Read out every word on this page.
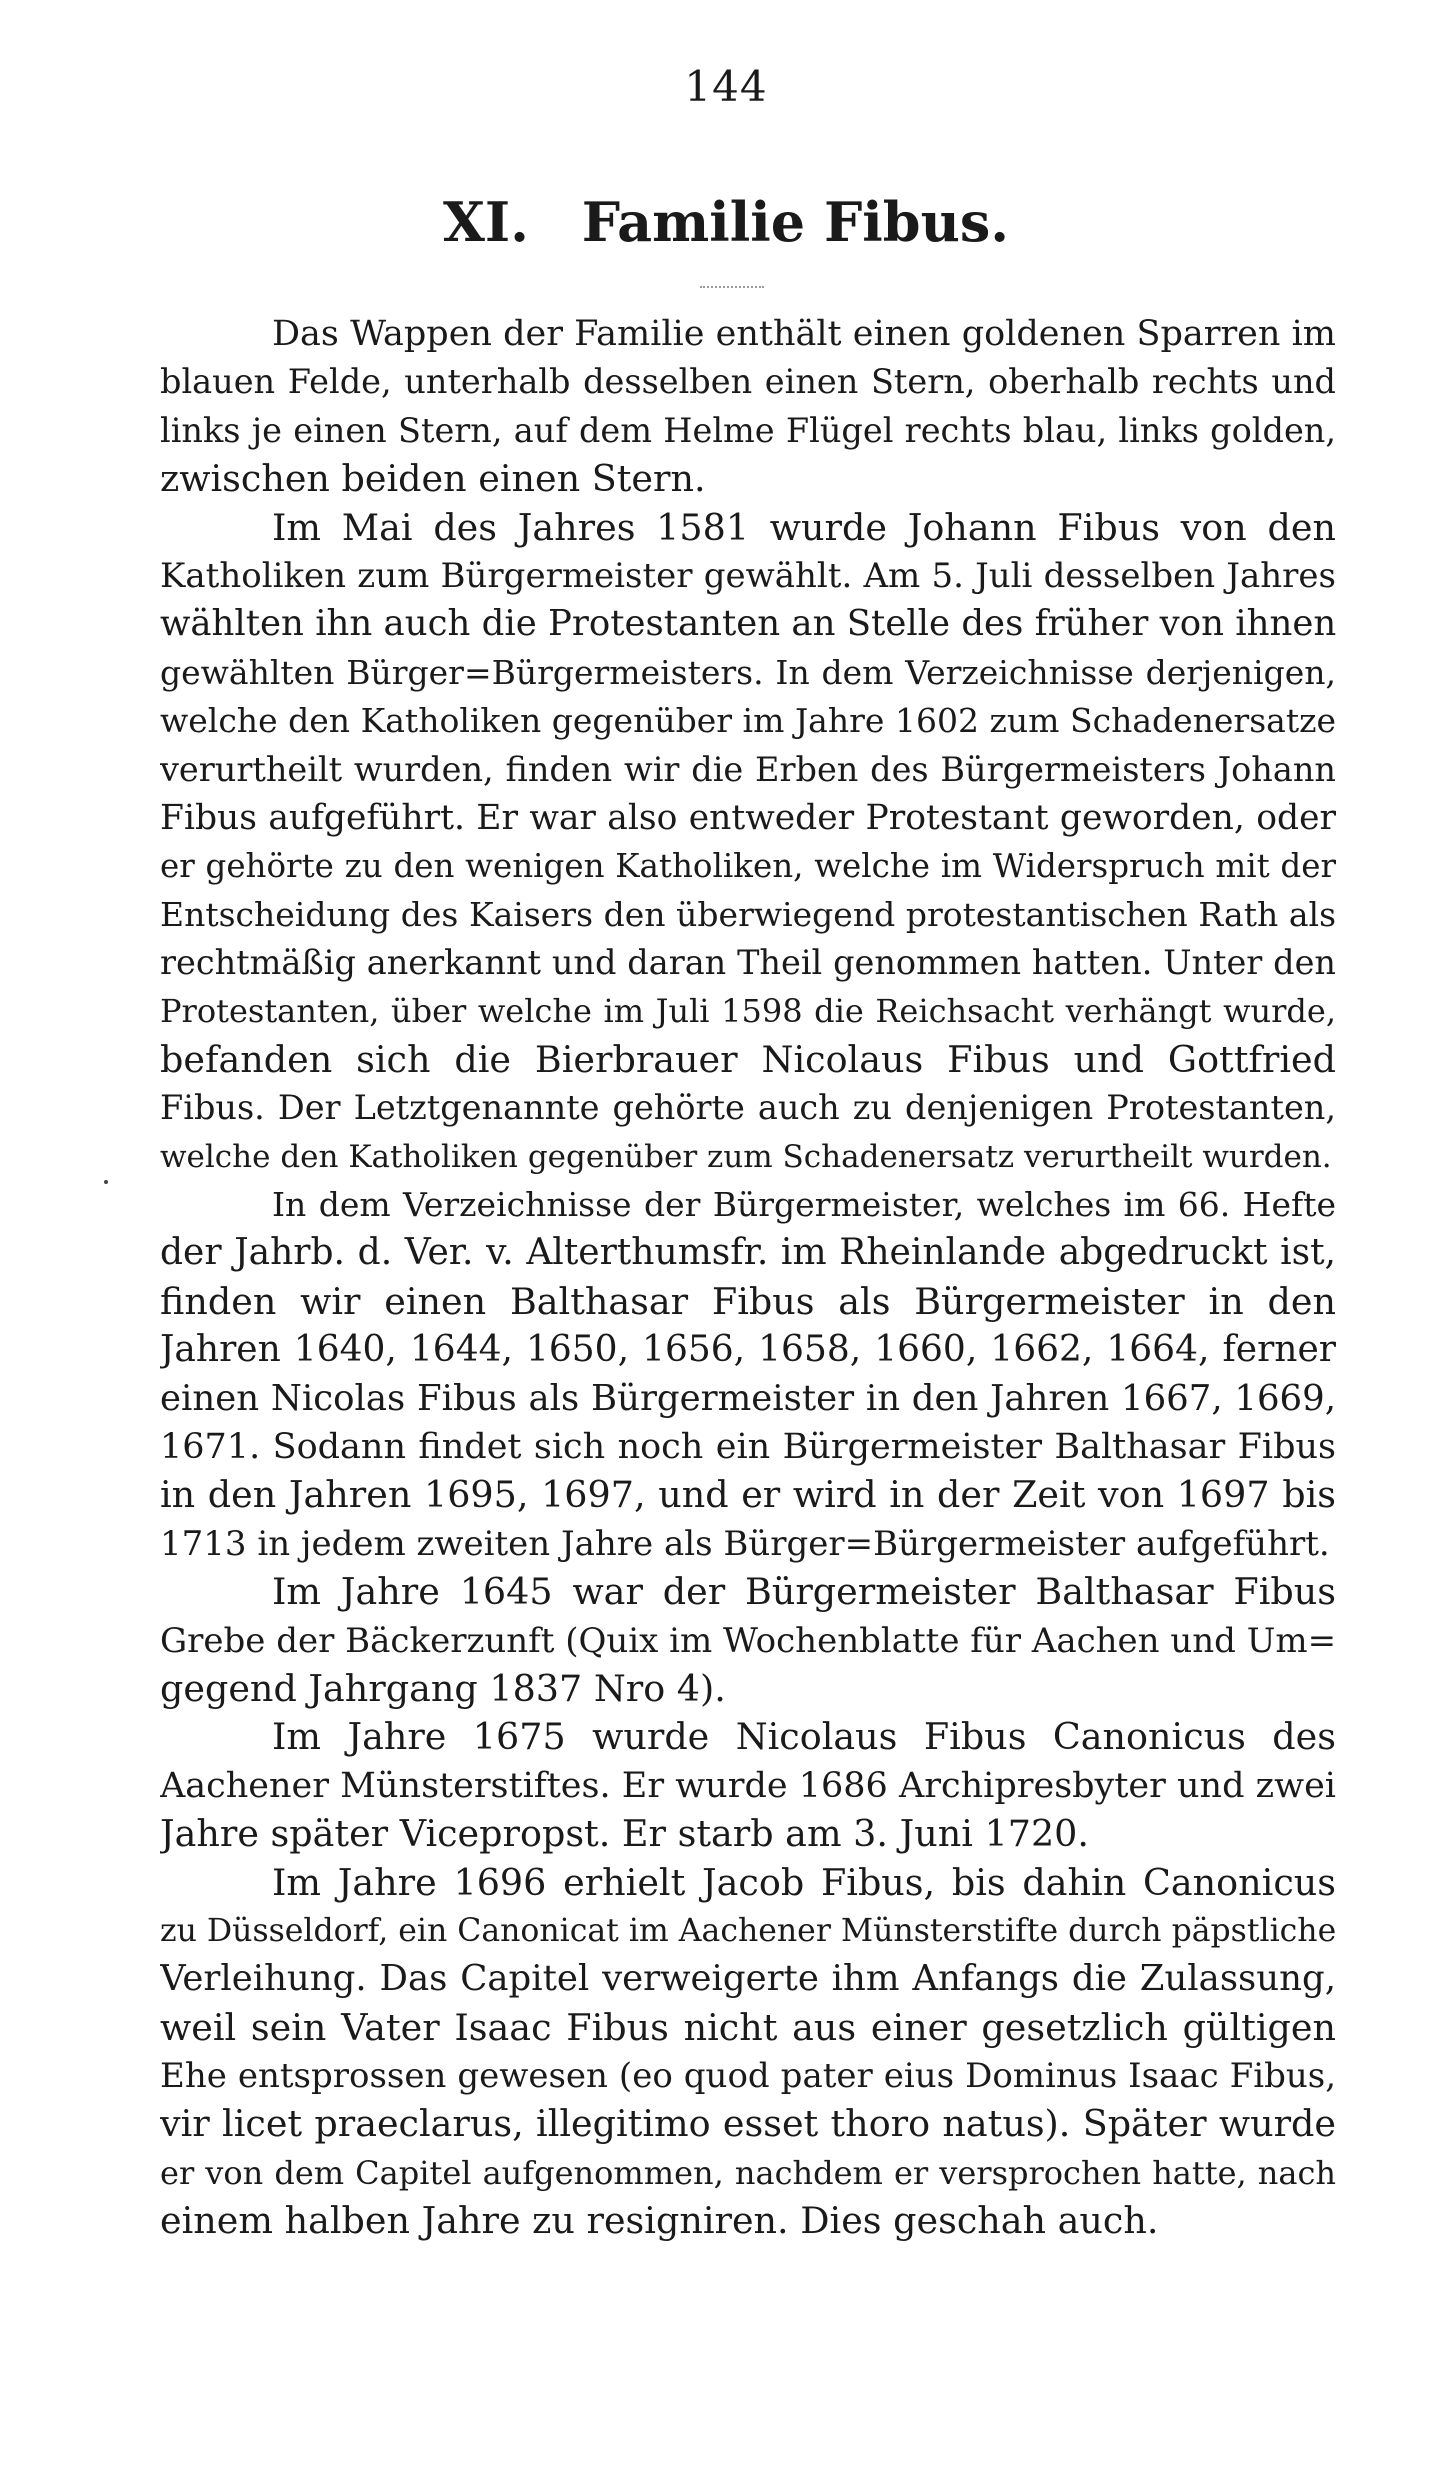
144
XI. Familie Fibus.
Das Wappen der Familie enthält einen goldenen Sparren im
blauen Felde, unterhalb desselben einen Stern, oberhalb rechts und
links je einen Stern, auf dem Helme Flügel rechts blau, links golden,
zwischen beiden einen Stern.
Im Mai des Jahres 1581 wurde Johann Fibus von den
Katholiken zum Bürgermeister gewählt. Am 5. Juli desselben Jahres
wählten ihn auch die Protestanten an Stelle des früher von ihnen
gewählten Bürger=Bürgermeisters. In dem Verzeichnisse derjenigen,
welche den Katholiken gegenüber im Jahre 1602 zum Schadenersatze
verurtheilt wurden, finden wir die Erben des Bürgermeisters Johann
Fibus aufgeführt. Er war also entweder Protestant geworden, oder
er gehörte zu den wenigen Katholiken, welche im Widerspruch mit der
Entscheidung des Kaisers den überwiegend protestantischen Rath als
rechtmäßig anerkannt und daran Theil genommen hatten. Unter den
Protestanten, über welche im Juli 1598 die Reichsacht verhängt wurde,
befanden sich die Bierbrauer Nicolaus Fibus und Gottfried
Fibus. Der Letztgenannte gehörte auch zu denjenigen Protestanten,
welche den Katholiken gegenüber zum Schadenersatz verurtheilt wurden.
In dem Verzeichnisse der Bürgermeister, welches im 66. Hefte
der Jahrb. d. Ver. v. Alterthumsfr. im Rheinlande abgedruckt ist,
finden wir einen Balthasar Fibus als Bürgermeister in den
Jahren 1640, 1644, 1650, 1656, 1658, 1660, 1662, 1664, ferner
einen Nicolas Fibus als Bürgermeister in den Jahren 1667, 1669,
1671. Sodann findet sich noch ein Bürgermeister Balthasar Fibus
in den Jahren 1695, 1697, und er wird in der Zeit von 1697 bis
1713 in jedem zweiten Jahre als Bürger=Bürgermeister aufgeführt.
Im Jahre 1645 war der Bürgermeister Balthasar Fibus
Grebe der Bäckerzunft (Quix im Wochenblatte für Aachen und Um=
gegend Jahrgang 1837 Nro 4).
Im Jahre 1675 wurde Nicolaus Fibus Canonicus des
Aachener Münsterstiftes. Er wurde 1686 Archipresbyter und zwei
Jahre später Vicepropst. Er starb am 3. Juni 1720.
Im Jahre 1696 erhielt Jacob Fibus, bis dahin Canonicus
zu Düsseldorf, ein Canonicat im Aachener Münsterstifte durch päpstliche
Verleihung. Das Capitel verweigerte ihm Anfangs die Zulassung,
weil sein Vater Isaac Fibus nicht aus einer gesetzlich gültigen
Ehe entsprossen gewesen (eo quod pater eius Dominus Isaac Fibus,
vir licet praeclarus, illegitimo esset thoro natus). Später wurde
er von dem Capitel aufgenommen, nachdem er versprochen hatte, nach
einem halben Jahre zu resigniren. Dies geschah auch.
